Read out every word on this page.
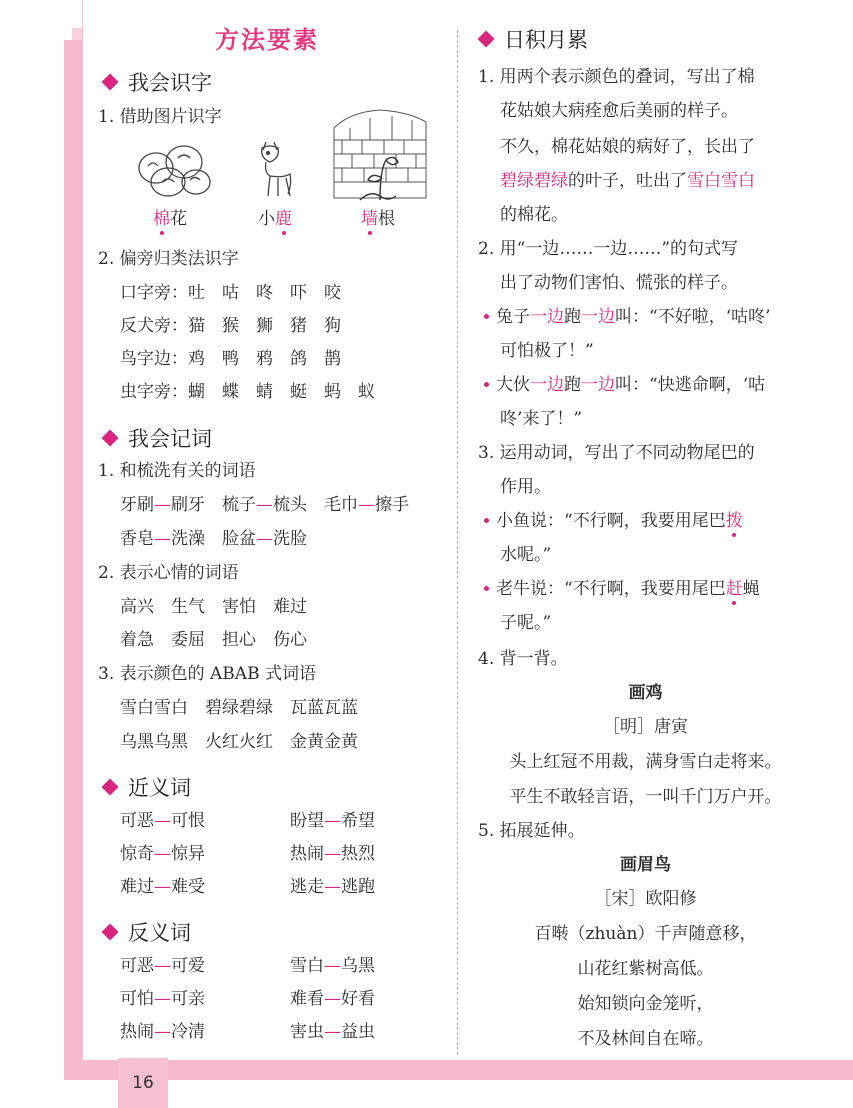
16
方法要素
我会识字
1. 借助图片识字
棉花	小鹿	墙根
2. 偏旁归类法识字
口字旁：吐　咕　咚　吓　咬
反犬旁：猫　猴　狮　猪　狗
鸟字边：鸡　鸭　鸦　鸽　鹊
虫字旁：蝴　蝶　蜻　蜓　蚂　蚁
我会记词
1. 和梳洗有关的词语
牙刷—刷牙　 梳子—梳头　 毛巾—擦手
香皂—洗澡　 脸盆—洗脸
2. 表示心情的词语
高兴　生气　害怕　难过
着急　委屈　担心　伤心
3. 表示颜色的 ABAB 式词语
雪白雪白　碧绿碧绿　瓦蓝瓦蓝
乌黑乌黑　火红火红　金黄金黄
近义词
可恶—可恨	盼望—希望
惊奇—惊异	热闹—热烈
难过—难受	逃走—逃跑
反义词
可恶—可爱	雪白—乌黑
可怕—可亲	难看—好看
热闹—冷清	害虫—益虫
日积月累
1. 用两个表示颜色的叠词，写出了棉
花姑娘大病痊愈后美丽的样子。
不久，棉花姑娘的病好了，长出了
碧绿碧绿的叶子，吐出了雪白雪白
的棉花。
2. 用“一边……一边……”的句式写
出了动物们害怕、慌张的样子。
兔子一边跑一边叫：“不好啦，‘咕咚’
可怕极了！”
大伙一边跑一边叫：“快逃命啊，‘咕
咚’来了！”
3. 运用动词，写出了不同动物尾巴的
作用。
小鱼说：“不行啊，我要用尾巴拨
水呢。”
老牛说：“不行啊，我要用尾巴赶蝇
子呢。”
4. 背一背。
画鸡
［明］唐寅
头上红冠不用裁，满身雪白走将来。
平生不敢轻言语，一叫千门万户开。
5. 拓展延伸。
画眉鸟
［宋］欧阳修
百啭（zhuàn）千声随意移，
山花红紫树高低。
始知锁向金笼听，
不及林间自在啼。
